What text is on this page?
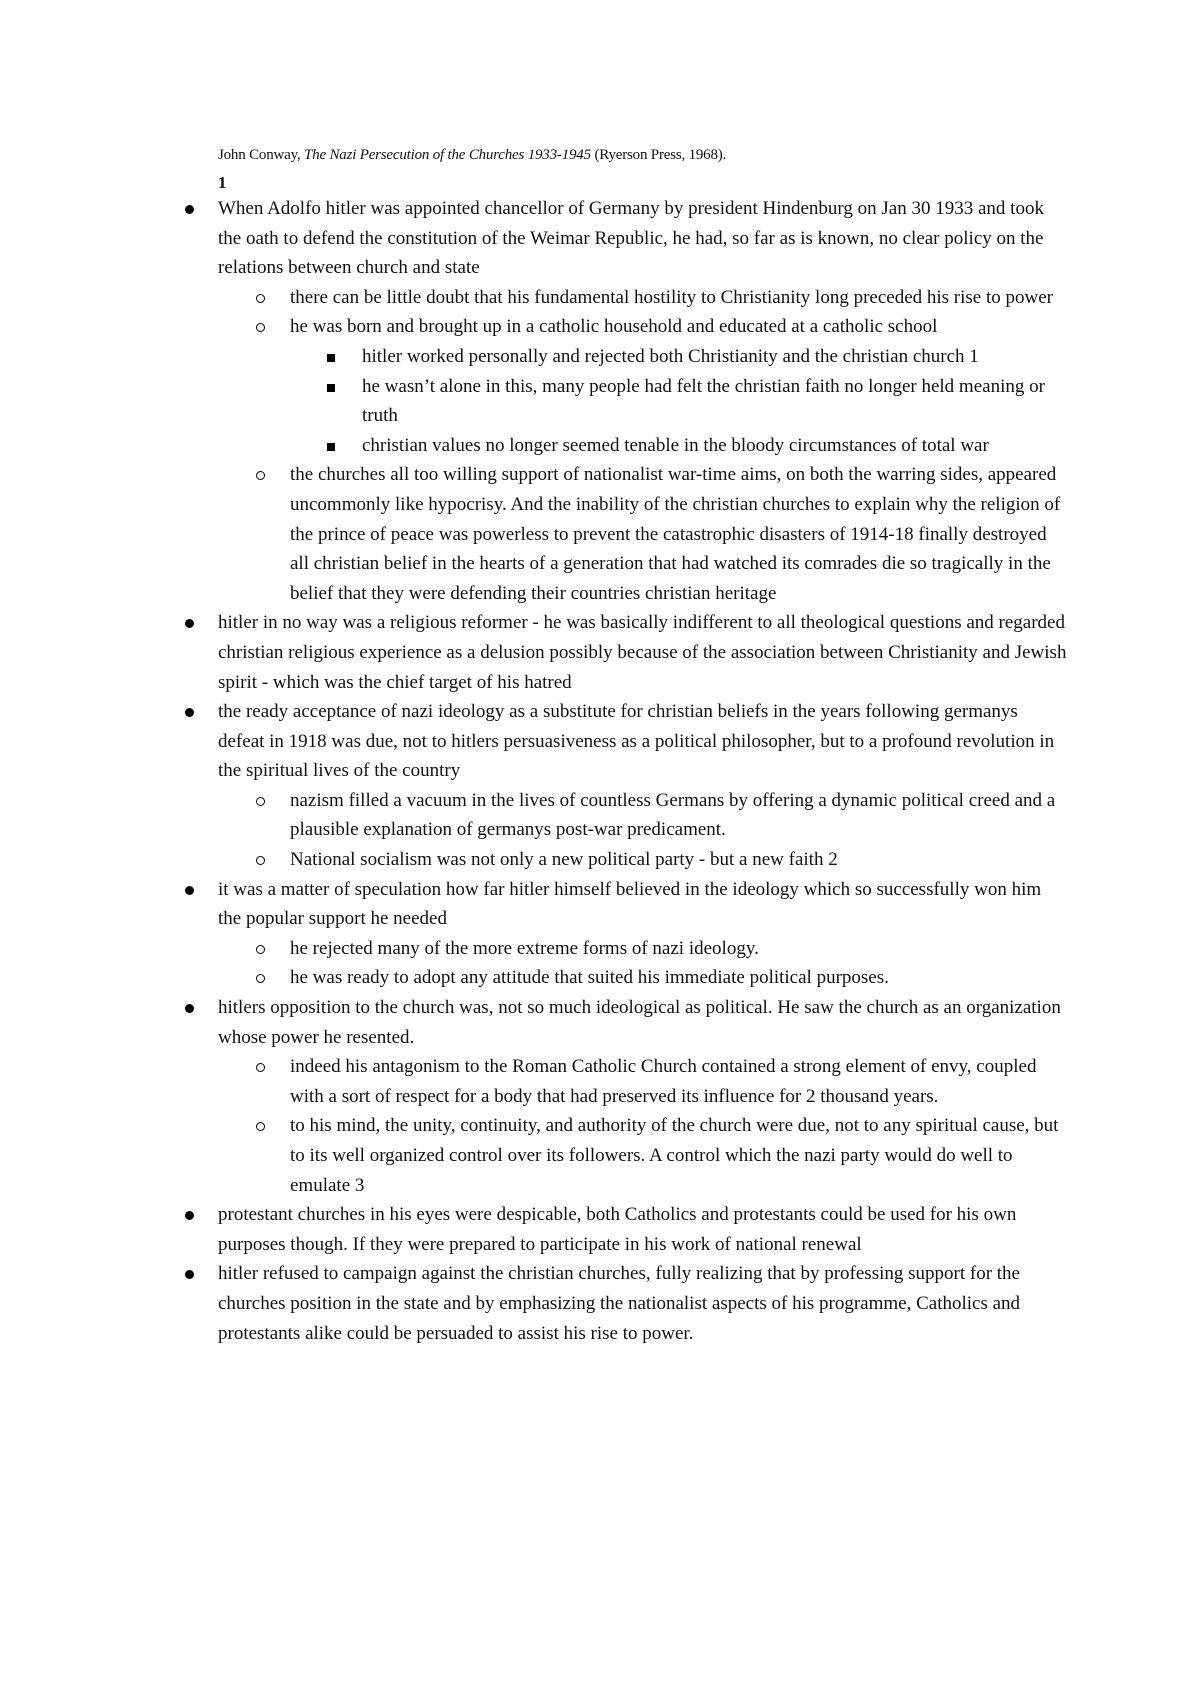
John Conway, The Nazi Persecution of the Churches 1933-1945 (Ryerson Press, 1968).
1
When Adolfo hitler was appointed chancellor of Germany by president Hindenburg on Jan 30 1933 and took the oath to defend the constitution of the Weimar Republic, he had, so far as is known, no clear policy on the relations between church and state
there can be little doubt that his fundamental hostility to Christianity long preceded his rise to power
he was born and brought up in a catholic household and educated at a catholic school
hitler worked personally and rejected both Christianity and the christian church 1
he wasn’t alone in this, many people had felt the christian faith no longer held meaning or truth
christian values no longer seemed tenable in the bloody circumstances of total war
the churches all too willing support of nationalist war-time aims, on both the warring sides, appeared uncommonly like hypocrisy. And the inability of the christian churches to explain why the religion of the prince of peace was powerless to prevent the catastrophic disasters of 1914-18 finally destroyed all christian belief in the hearts of a generation that had watched its comrades die so tragically in the belief that they were defending their countries christian heritage
hitler in no way was a religious reformer - he was basically indifferent to all theological questions and regarded christian religious experience as a delusion possibly because of the association between Christianity and Jewish spirit - which was the chief target of his hatred
the ready acceptance of nazi ideology as a substitute for christian beliefs in the years following germanys defeat in 1918 was due, not to hitlers persuasiveness as a political philosopher, but to a profound revolution in the spiritual lives of the country
nazism filled a vacuum in the lives of countless Germans by offering a dynamic political creed and a plausible explanation of germanys post-war predicament.
National socialism was not only a new political party - but a new faith 2
it was a matter of speculation how far hitler himself believed in the ideology which so successfully won him the popular support he needed
he rejected many of the more extreme forms of nazi ideology.
he was ready to adopt any attitude that suited his immediate political purposes.
hitlers opposition to the church was, not so much ideological as political. He saw the church as an organization whose power he resented.
indeed his antagonism to the Roman Catholic Church contained a strong element of envy, coupled with a sort of respect for a body that had preserved its influence for 2 thousand years.
to his mind, the unity, continuity, and authority of the church were due, not to any spiritual cause, but to its well organized control over its followers. A control which the nazi party would do well to emulate 3
protestant churches in his eyes were despicable, both Catholics and protestants could be used for his own purposes though. If they were prepared to participate in his work of national renewal
hitler refused to campaign against the christian churches, fully realizing that by professing support for the churches position in the state and by emphasizing the nationalist aspects of his programme, Catholics and protestants alike could be persuaded to assist his rise to power.
